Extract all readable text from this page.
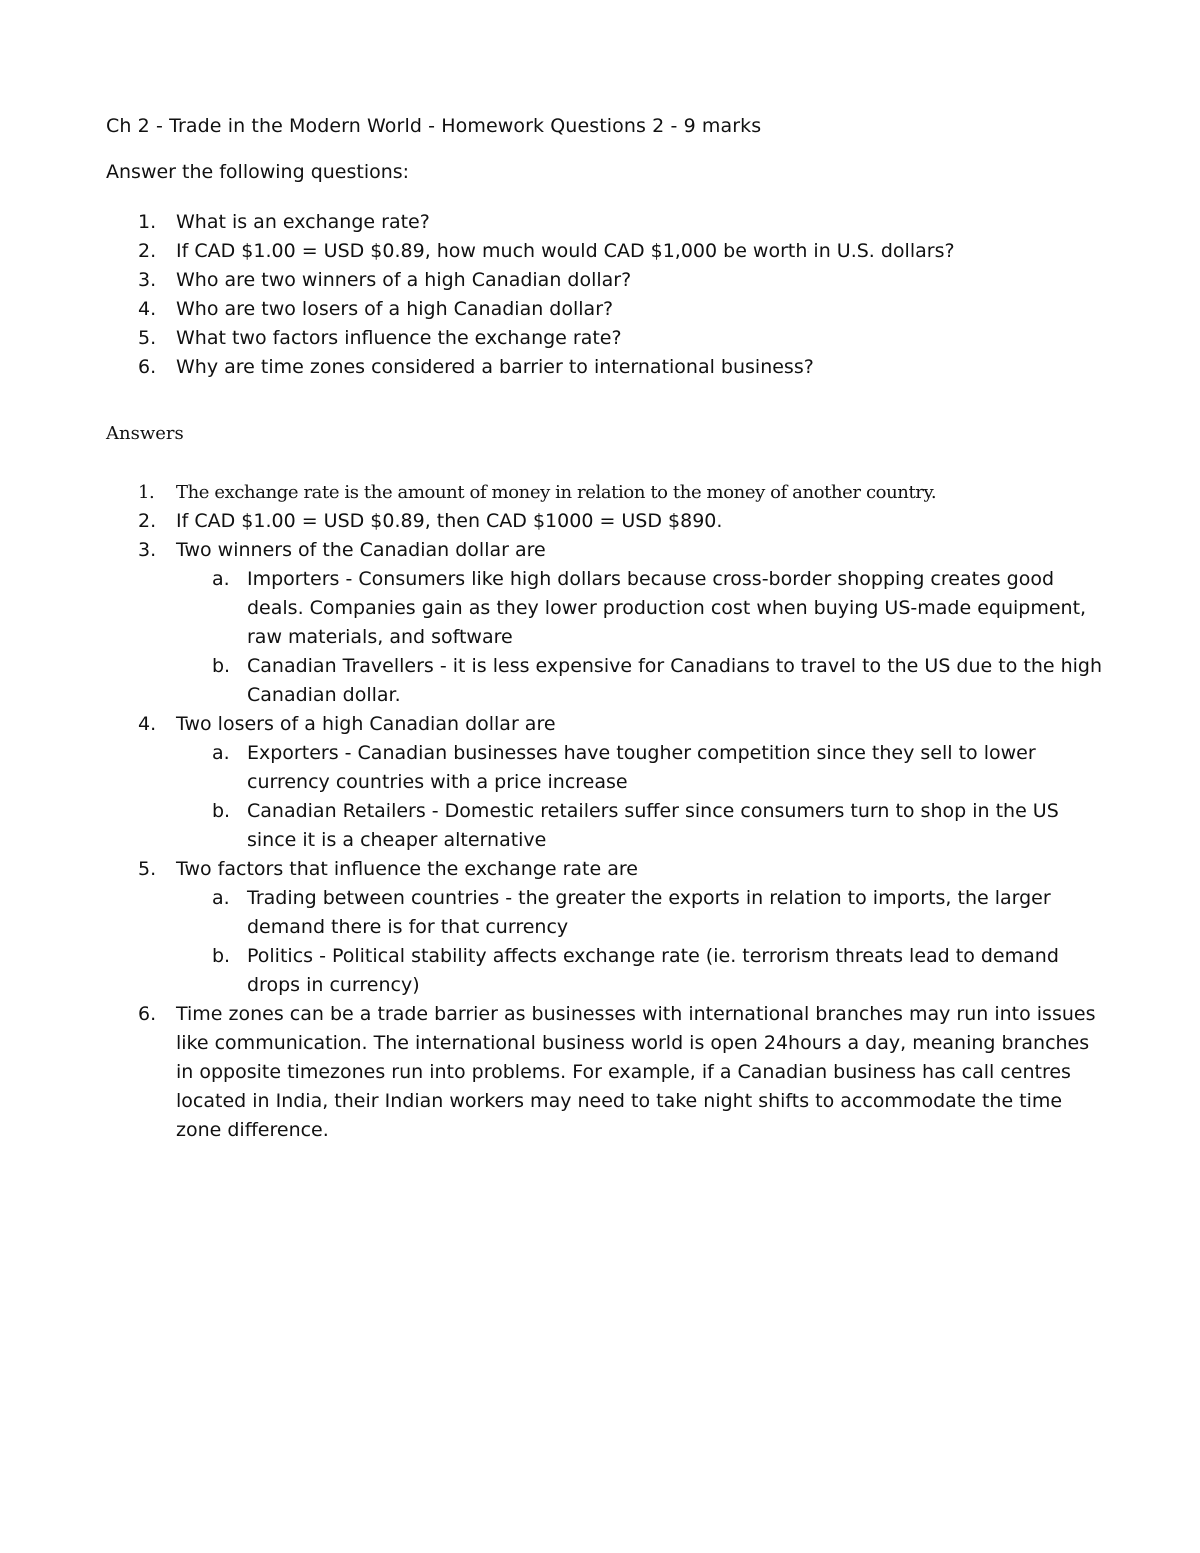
Ch 2 - Trade in the Modern World - Homework Questions 2 - 9 marks
Answer the following questions:
1.	What is an exchange rate?
2.	If CAD $1.00 = USD $0.89, how much would CAD $1,000 be worth in U.S. dollars?
3.	Who are two winners of a high Canadian dollar?
4.	Who are two losers of a high Canadian dollar?
5.	What two factors influence the exchange rate?
6.	Why are time zones considered a barrier to international business?
Answers
1.	The exchange rate is the amount of money in relation to the money of another country.
2.	If CAD $1.00 = USD $0.89, then CAD $1000 = USD $890.
3.	Two winners of the Canadian dollar are
a. Importers - Consumers like high dollars because cross-border shopping creates good deals. Companies gain as they lower production cost when buying US-made equipment, raw materials, and software
b. Canadian Travellers - it is less expensive for Canadians to travel to the US due to the high Canadian dollar.
4.	Two losers of a high Canadian dollar are
a. Exporters - Canadian businesses have tougher competition since they sell to lower currency countries with a price increase
b. Canadian Retailers - Domestic retailers suffer since consumers turn to shop in the US since it is a cheaper alternative
5.	Two factors that influence the exchange rate are
a. Trading between countries - the greater the exports in relation to imports, the larger demand there is for that currency
b. Politics - Political stability affects exchange rate (ie. terrorism threats lead to demand drops in currency)
6.	Time zones can be a trade barrier as businesses with international branches may run into issues like communication. The international business world is open 24hours a day, meaning branches in opposite timezones run into problems. For example, if a Canadian business has call centres located in India, their Indian workers may need to take night shifts to accommodate the time zone difference.
